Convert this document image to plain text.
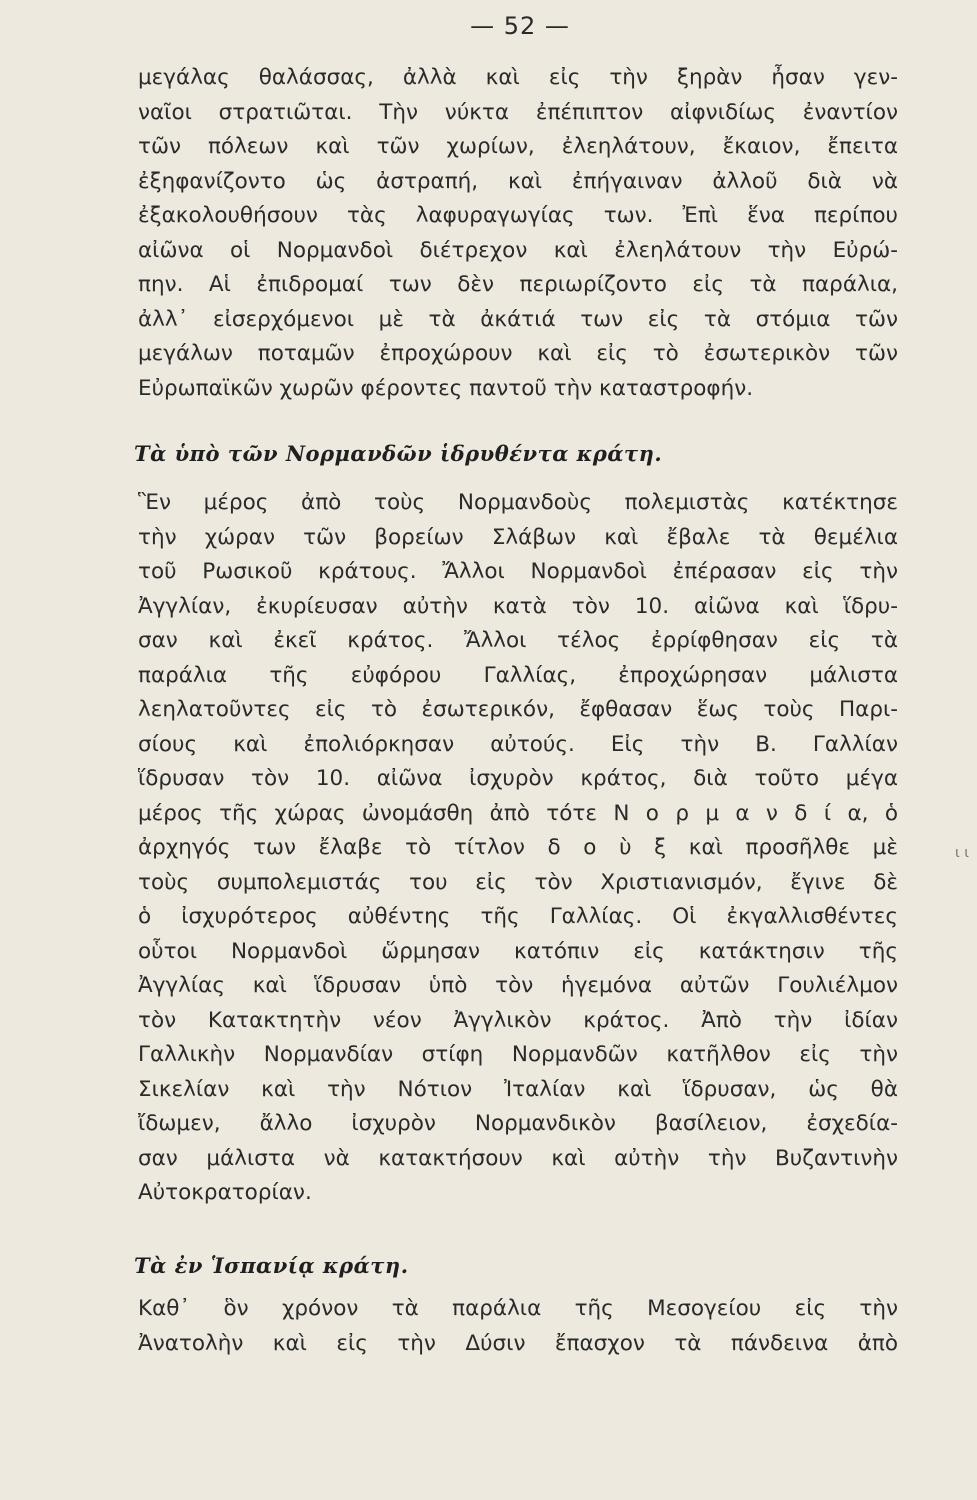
— 52 —
μεγάλας θαλάσσας, ἀλλὰ καὶ εἰς τὴν ξηρὰν ἦσαν γεν-
ναῖοι στρατιῶται. Τὴν νύκτα ἐπέπιπτον αἰφνιδίως ἐναντίον
τῶν πόλεων καὶ τῶν χωρίων, ἐλεηλάτουν, ἔκαιον, ἔπειτα
ἐξηφανίζοντο ὡς ἀστραπή, καὶ ἐπήγαιναν ἀλλοῦ διὰ νὰ
ἐξακολουθήσουν τὰς λαφυραγωγίας των. Ἐπὶ ἕνα περίπου
αἰῶνα οἱ Νορμανδοὶ διέτρεχον καὶ ἐλεηλάτουν τὴν Εὐρώ-
πην. Αἱ ἐπιδρομαί των δὲν περιωρίζοντο εἰς τὰ παράλια,
ἀλλ᾽ εἰσερχόμενοι μὲ τὰ ἀκάτιά των εἰς τὰ στόμια τῶν
μεγάλων ποταμῶν ἐπροχώρουν καὶ εἰς τὸ ἐσωτερικὸν τῶν
Εὐρωπαϊκῶν χωρῶν φέροντες παντοῦ τὴν καταστροφήν.
Τὰ ὑπὸ τῶν Νορμανδῶν ἱδρυθέντα κράτη.
Ἓν μέρος ἀπὸ τοὺς Νορμανδοὺς πολεμιστὰς κατέκτησε
τὴν χώραν τῶν βορείων Σλάβων καὶ ἔβαλε τὰ θεμέλια
τοῦ Ρωσικοῦ κράτους. Ἄλλοι Νορμανδοὶ ἐπέρασαν εἰς τὴν
Ἀγγλίαν, ἐκυρίευσαν αὐτὴν κατὰ τὸν 10. αἰῶνα καὶ ἵδρυ-
σαν καὶ ἐκεῖ κράτος. Ἄλλοι τέλος ἐρρίφθησαν εἰς τὰ
παράλια τῆς εὐφόρου Γαλλίας, ἐπροχώρησαν μάλιστα
λεηλατοῦντες εἰς τὸ ἐσωτερικόν, ἔφθασαν ἕως τοὺς Παρι-
σίους καὶ ἐπολιόρκησαν αὐτούς. Εἰς τὴν Β. Γαλλίαν
ἵδρυσαν τὸν 10. αἰῶνα ἰσχυρὸν κράτος, διὰ τοῦτο μέγα
μέρος τῆς χώρας ὠνομάσθη ἀπὸ τότε Ν ο ρ μ α ν δ ί α, ὁ
ἀρχηγός των ἔλαβε τὸ τίτλον δ ο ὺ ξ καὶ προσῆλθε μὲ
τοὺς συμπολεμιστάς του εἰς τὸν Χριστιανισμόν, ἔγινε δὲ
ὁ ἰσχυρότερος αὐθέντης τῆς Γαλλίας. Οἱ ἐκγαλλισθέντες
οὗτοι Νορμανδοὶ ὥρμησαν κατόπιν εἰς κατάκτησιν τῆς
Ἀγγλίας καὶ ἵδρυσαν ὑπὸ τὸν ἡγεμόνα αὐτῶν Γουλιέλμον
τὸν Κατακτητὴν νέον Ἀγγλικὸν κράτος. Ἀπὸ τὴν ἰδίαν
Γαλλικὴν Νορμανδίαν στίφη Νορμανδῶν κατῆλθον εἰς τὴν
Σικελίαν καὶ τὴν Νότιον Ἰταλίαν καὶ ἵδρυσαν, ὡς θὰ
ἴδωμεν, ἄλλο ἰσχυρὸν Νορμανδικὸν βασίλειον, ἐσχεδία-
σαν μάλιστα νὰ κατακτήσουν καὶ αὐτὴν τὴν Βυζαντινὴν
Αὐτοκρατορίαν.
Τὰ ἐν Ἱσπανίᾳ κράτη.
Καθ᾽ ὃν χρόνον τὰ παράλια τῆς Μεσογείου εἰς τὴν
Ἀνατολὴν καὶ εἰς τὴν Δύσιν ἔπασχον τὰ πάνδεινα ἀπὸ
ι ι
